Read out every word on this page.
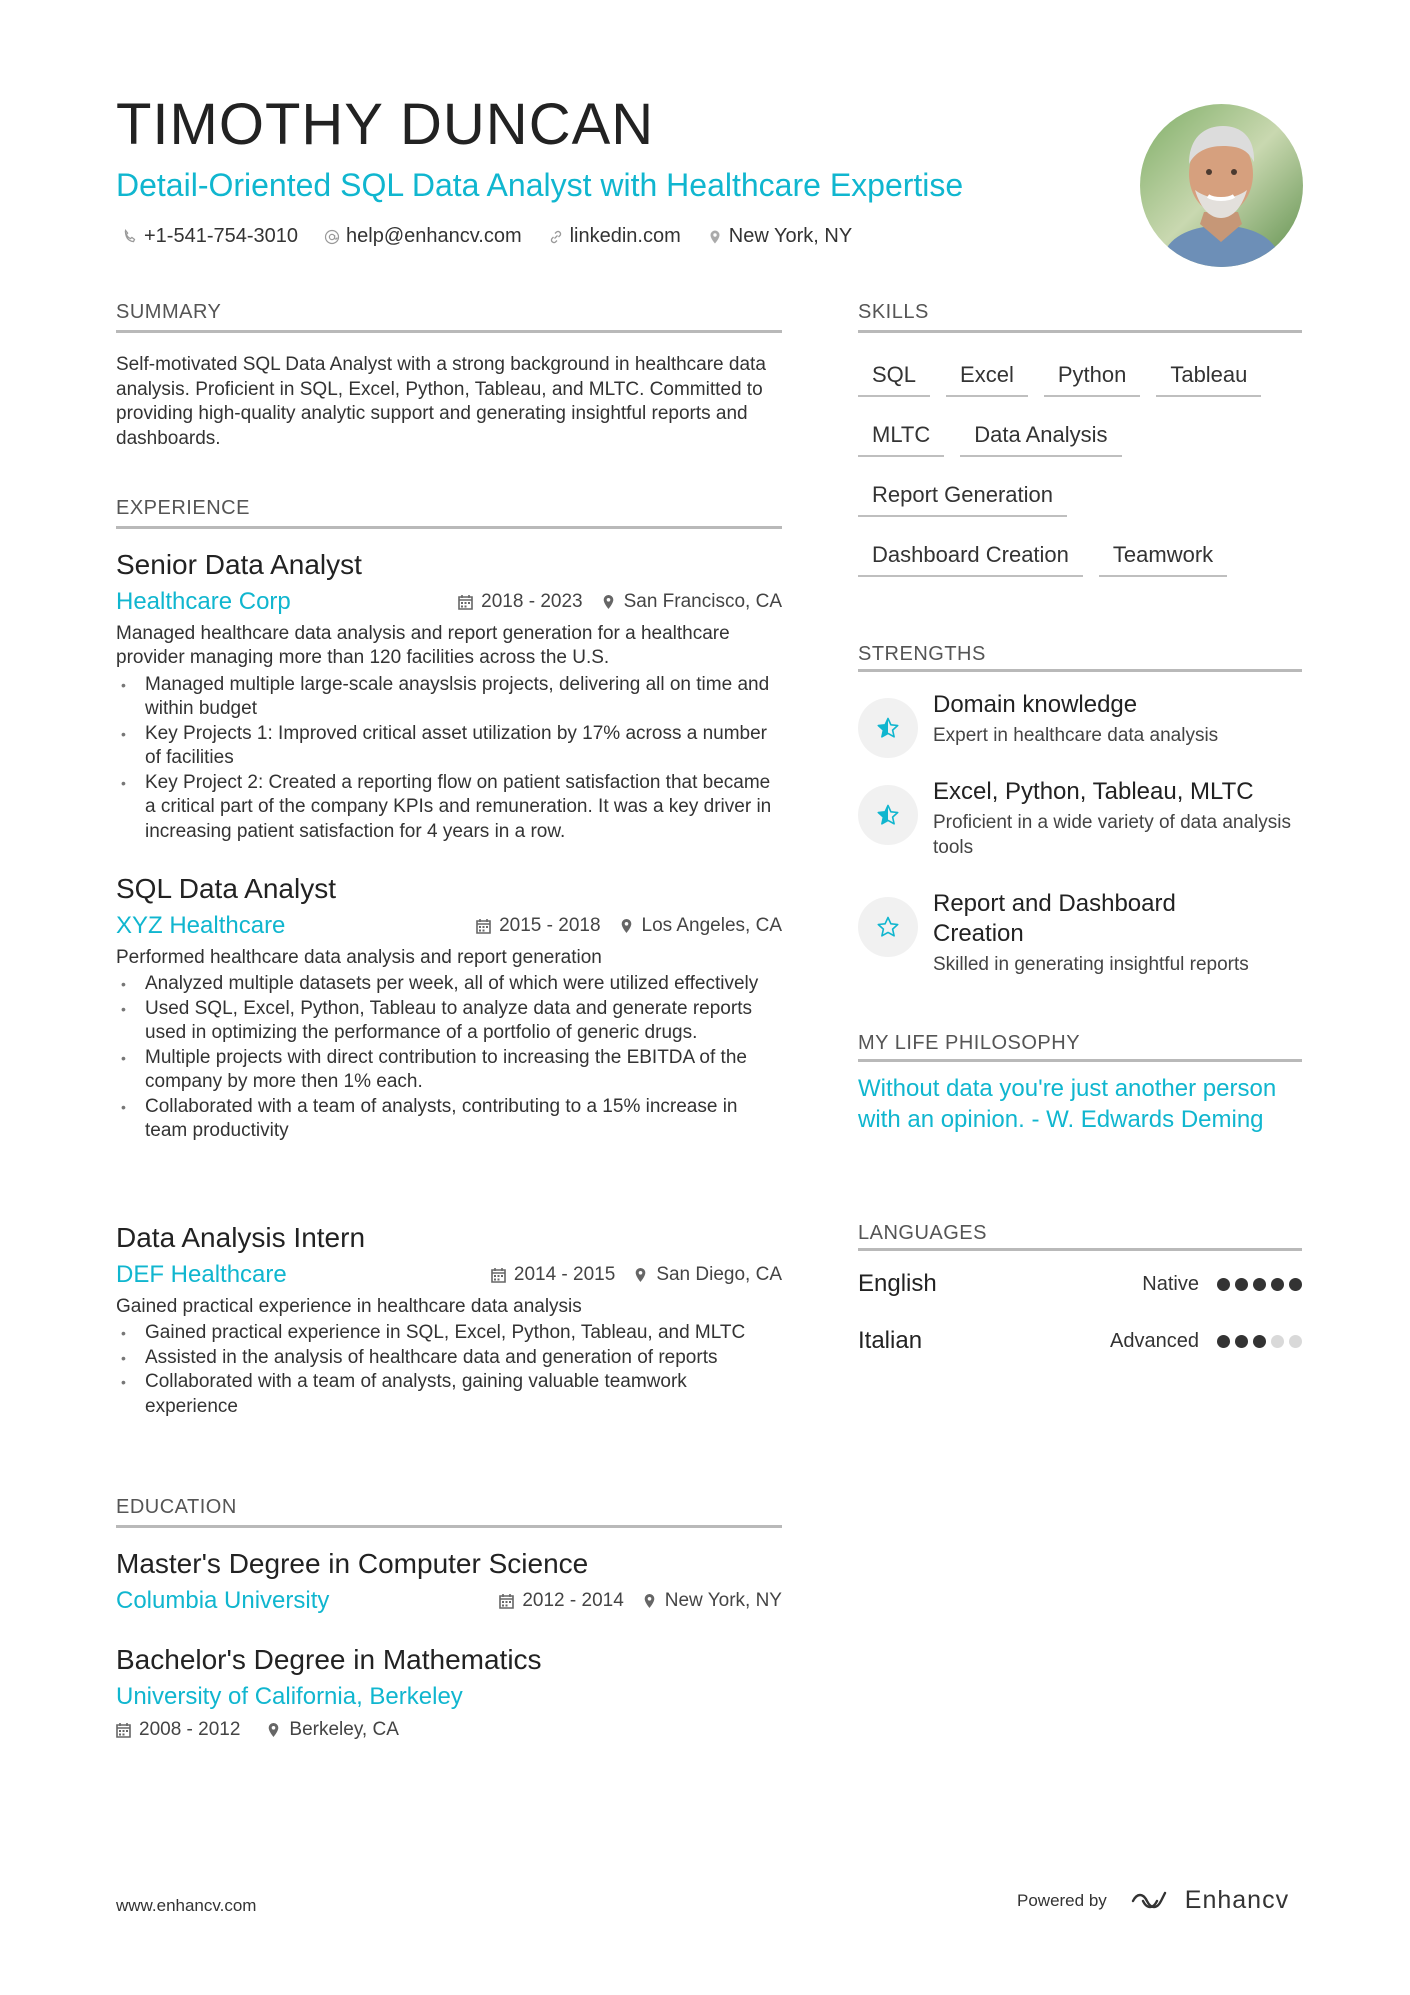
TIMOTHY DUNCAN
Detail-Oriented SQL Data Analyst with Healthcare Expertise
+1-541-754-3010 help@enhancv.com linkedin.com New York, NY
SUMMARY
Self-motivated SQL Data Analyst with a strong background in healthcare data analysis. Proficient in SQL, Excel, Python, Tableau, and MLTC. Committed to providing high-quality analytic support and generating insightful reports and dashboards.
EXPERIENCE
Senior Data Analyst
Healthcare Corp	2018 - 2023 San Francisco, CA
Managed healthcare data analysis and report generation for a healthcare provider managing more than 120 facilities across the U.S.
• Managed multiple large-scale anayslsis projects, delivering all on time and within budget
• Key Projects 1: Improved critical asset utilization by 17% across a number of facilities
• Key Project 2: Created a reporting flow on patient satisfaction that became a critical part of the company KPIs and remuneration. It was a key driver in increasing patient satisfaction for 4 years in a row.
SQL Data Analyst
XYZ Healthcare	2015 - 2018 Los Angeles, CA
Performed healthcare data analysis and report generation
• Analyzed multiple datasets per week, all of which were utilized effectively
• Used SQL, Excel, Python, Tableau to analyze data and generate reports used in optimizing the performance of a portfolio of generic drugs.
• Multiple projects with direct contribution to increasing the EBITDA of the company by more then 1% each.
• Collaborated with a team of analysts, contributing to a 15% increase in team productivity
Data Analysis Intern
DEF Healthcare	2014 - 2015 San Diego, CA
Gained practical experience in healthcare data analysis
• Gained practical experience in SQL, Excel, Python, Tableau, and MLTC
• Assisted in the analysis of healthcare data and generation of reports
• Collaborated with a team of analysts, gaining valuable teamwork experience
EDUCATION
Master's Degree in Computer Science
Columbia University	2012 - 2014 New York, NY
Bachelor's Degree in Mathematics
University of California, Berkeley
2008 - 2012	Berkeley, CA
SKILLS
SQL	Excel	Python	Tableau
MLTC	Data Analysis
Report Generation
Dashboard Creation	Teamwork
STRENGTHS
Domain knowledge
Expert in healthcare data analysis
Excel, Python, Tableau, MLTC
Proficient in a wide variety of data analysis tools
Report and Dashboard Creation
Skilled in generating insightful reports
MY LIFE PHILOSOPHY
Without data you're just another person with an opinion. - W. Edwards Deming
LANGUAGES
English	Native
Italian	Advanced
www.enhancv.com	Powered by	Enhancv
